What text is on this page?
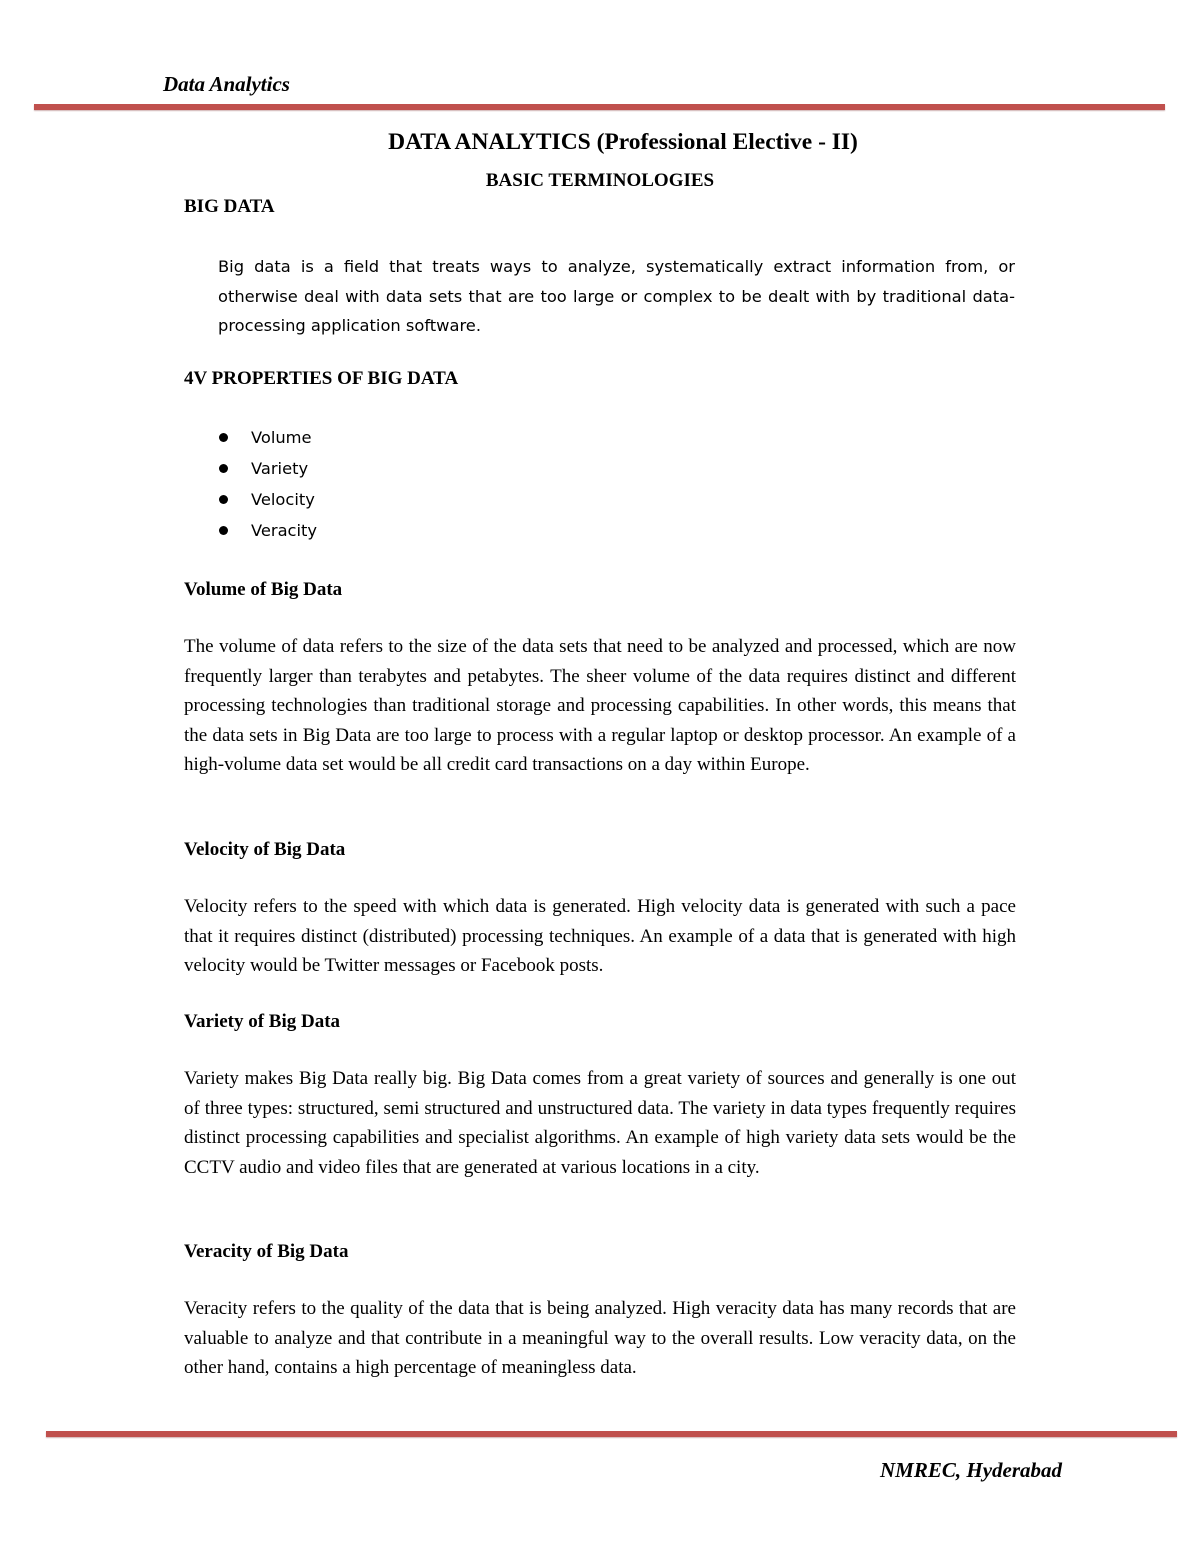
Data Analytics
DATA ANALYTICS (Professional Elective - II)
BASIC TERMINOLOGIES
BIG DATA
Big data is a field that treats ways to analyze, systematically extract information from, or otherwise deal with data sets that are too large or complex to be dealt with by traditional data-processing application software.
4V PROPERTIES OF BIG DATA
Volume
Variety
Velocity
Veracity
Volume of Big Data
The volume of data refers to the size of the data sets that need to be analyzed and processed, which are now frequently larger than terabytes and petabytes. The sheer volume of the data requires distinct and different processing technologies than traditional storage and processing capabilities. In other words, this means that the data sets in Big Data are too large to process with a regular laptop or desktop processor. An example of a high-volume data set would be all credit card transactions on a day within Europe.
Velocity of Big Data
Velocity refers to the speed with which data is generated. High velocity data is generated with such a pace that it requires distinct (distributed) processing techniques. An example of a data that is generated with high velocity would be Twitter messages or Facebook posts.
Variety of Big Data
Variety makes Big Data really big. Big Data comes from a great variety of sources and generally is one out of three types: structured, semi structured and unstructured data. The variety in data types frequently requires distinct processing capabilities and specialist algorithms. An example of high variety data sets would be the CCTV audio and video files that are generated at various locations in a city.
Veracity of Big Data
Veracity refers to the quality of the data that is being analyzed. High veracity data has many records that are valuable to analyze and that contribute in a meaningful way to the overall results. Low veracity data, on the other hand, contains a high percentage of meaningless data.
NMREC, Hyderabad
